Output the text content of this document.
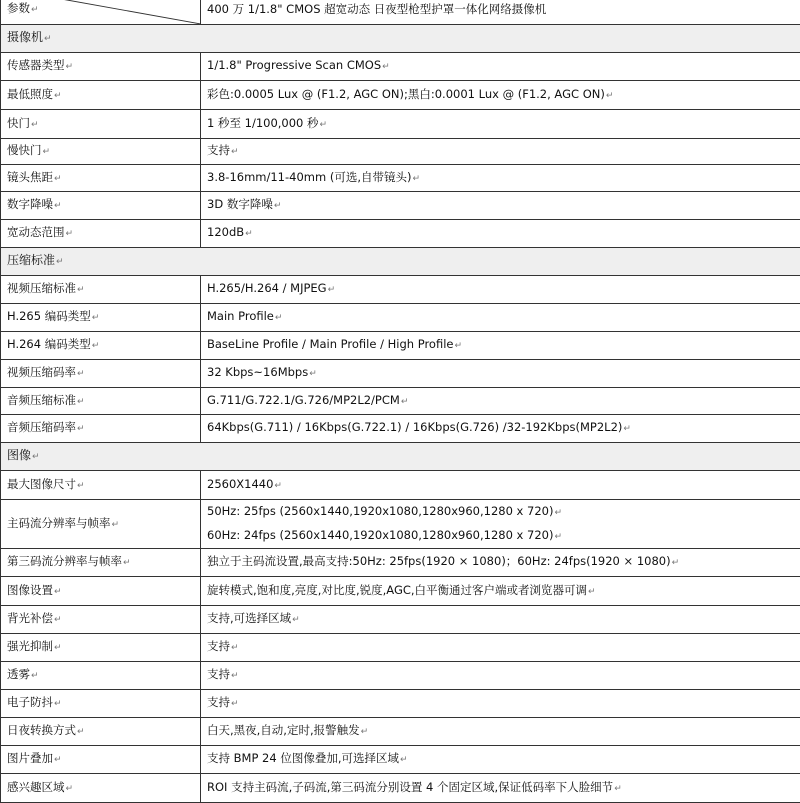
参数↵	400 万 1/1.8" CMOS 超宽动态 日夜型枪型护罩一体化网络摄像机
摄像机↵	
传感器类型↵	1/1.8" Progressive Scan CMOS↵
最低照度↵	彩色:0.0005 Lux @ (F1.2, AGC ON);黑白:0.0001 Lux @ (F1.2, AGC ON)↵
快门↵	1 秒至 1/100,000 秒↵
慢快门↵	支持↵
镜头焦距↵	3.8-16mm/11-40mm (可选,自带镜头)↵
数字降噪↵	3D 数字降噪↵
宽动态范围↵	120dB↵
压缩标准↵	
视频压缩标准↵	H.265/H.264 / MJPEG↵
H.265 编码类型↵	Main Profile↵
H.264 编码类型↵	BaseLine Profile / Main Profile / High Profile↵
视频压缩码率↵	32 Kbps~16Mbps↵
音频压缩标准↵	G.711/G.722.1/G.726/MP2L2/PCM↵
音频压缩码率↵	64Kbps(G.711) / 16Kbps(G.722.1) / 16Kbps(G.726) /32-192Kbps(MP2L2)↵
图像↵	
最大图像尺寸↵	2560X1440↵
主码流分辨率与帧率↵	50Hz: 25fps (2560x1440,1920x1080,1280x960,1280 x 720)↵
60Hz: 24fps (2560x1440,1920x1080,1280x960,1280 x 720)↵

第三码流分辨率与帧率↵	独立于主码流设置,最高支持:50Hz: 25fps(1920 × 1080)；60Hz: 24fps(1920 × 1080)↵
图像设置↵	旋转模式,饱和度,亮度,对比度,锐度,AGC,白平衡通过客户端或者浏览器可调↵
背光补偿↵	支持,可选择区域↵
强光抑制↵	支持↵
透雾↵	支持↵
电子防抖↵	支持↵
日夜转换方式↵	白天,黑夜,自动,定时,报警触发↵
图片叠加↵	支持 BMP 24 位图像叠加,可选择区域↵
感兴趣区域↵	ROI 支持主码流,子码流,第三码流分别设置 4 个固定区域,保证低码率下人脸细节↵
